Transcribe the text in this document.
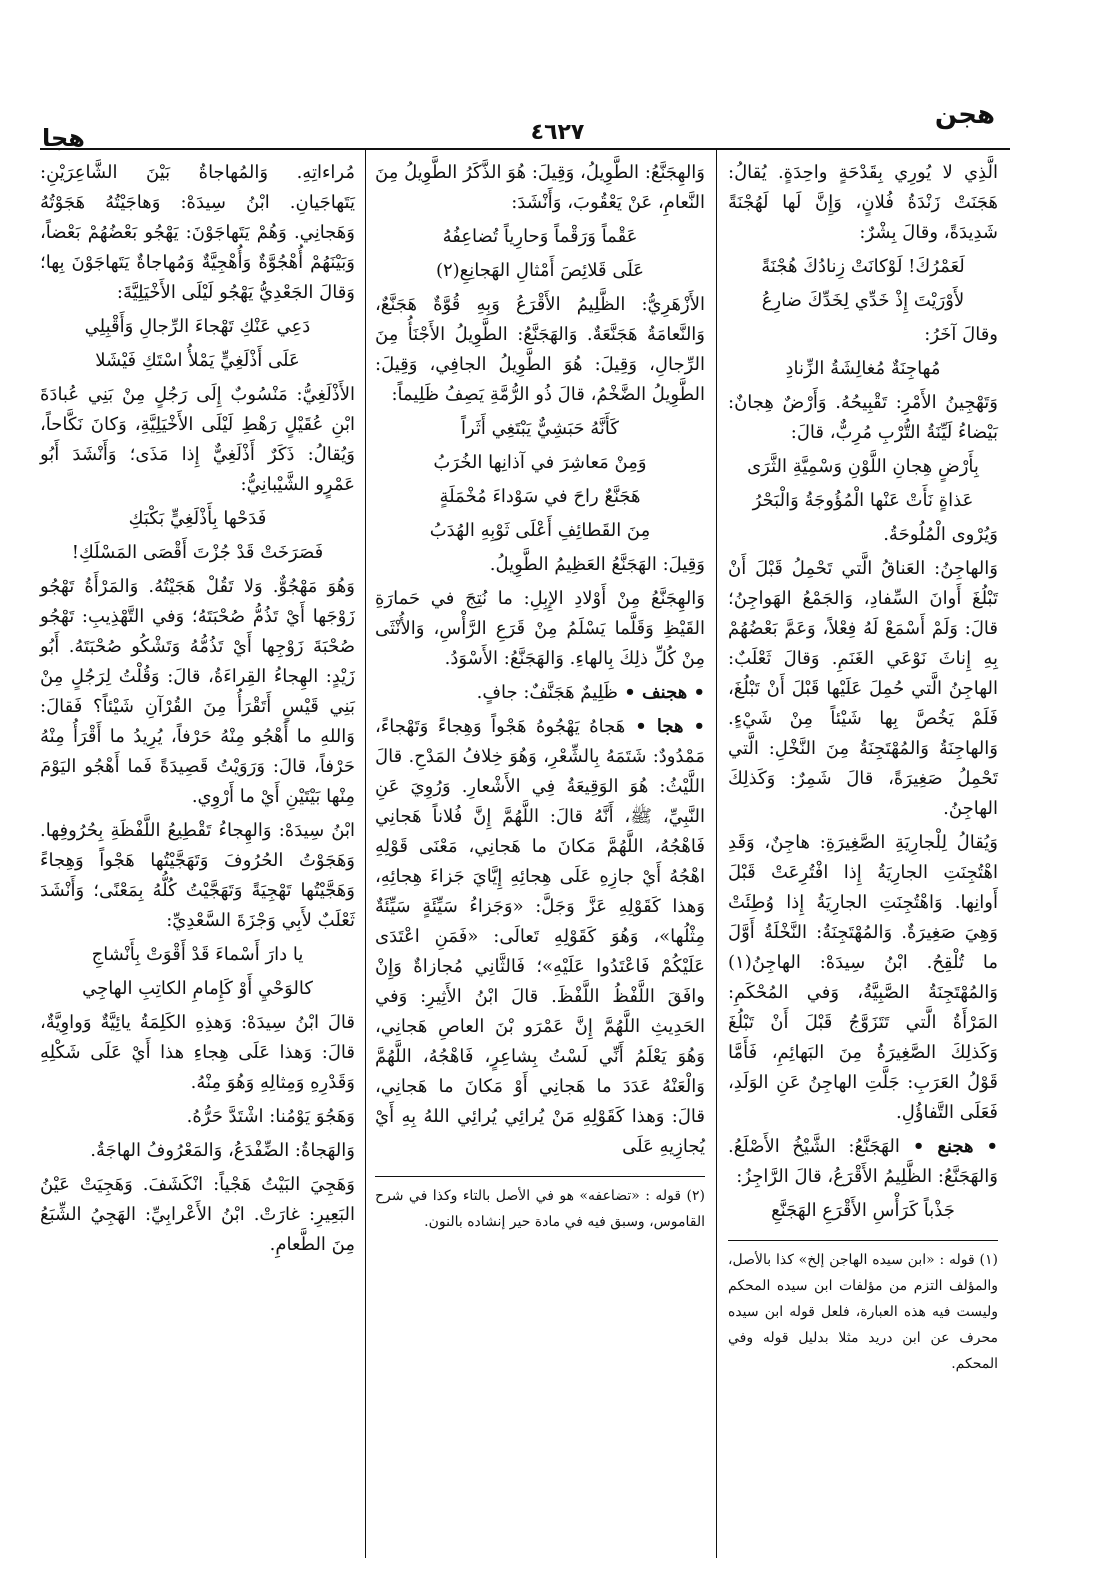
هجن
٤٦٢٧
هجا

الَّذِي لا يُورِي بِقَدْحَةٍ واحِدَةٍ. يُقالُ: هَجَنَتْ زَنْدَةُ فُلانٍ، وَإِنَّ لَها لَهُجْنَةً شَدِيدَةً، وقالَ بِشْرٌ:

لَعَمْرُكَ! لَوْكانَتْ زِنادُكَ هُجْنَةً

لأَوْرَيْتَ إِذْ خَدِّي لِخَدِّكَ ضارِعُ

وقالَ آخَرُ:

مُهاجِنَةٌ مُغالِشَةُ الزِّنادِ

وَتَهْجِينُ الأَمْرِ: تَقْبِيحُهُ. وَأَرْضٌ هِجانٌ: بَيْضاءُ لَيِّنَةُ التُّرْبِ مُرِبٌّ، قالَ:

بِأَرْضٍ هِجانِ اللَّوْنِ وَسْمِيَّةِ الثَّرَى

عَذاةٍ نَأَتْ عَنْها الْمُؤُوجَةُ وَالْبَحْرُ

وَيُرْوى الْمُلُوحَةُ.

وَالهاجِنُ: العَناقُ الَّتي تَحْمِلُ قَبْلَ أَنْ تَبْلُغَ أَوانَ السِّفادِ، وَالجَمْعُ الهَواجِنُ؛ قالَ: وَلَمْ أَسْمَعْ لَهُ فِعْلاً، وَعَمَّ بَعْضُهُمْ بِهِ إِناثَ نَوْعَي الغَنَمِ. وَقالَ ثَعْلَبٌ: الهاجِنُ الَّتي حُمِلَ عَلَيْها قَبْلَ أَنْ تَبْلُغَ، فَلَمْ يَخُصَّ بِها شَيْئاً مِنْ شَيْءٍ. وَالهاجِنَةُ وَالمُهْتَجِنَةُ مِنَ النَّخْلِ: الَّتي تَحْمِلُ صَغِيرَةً، قالَ شَمِرٌ: وَكَذلِكَ الهاجِنُ.

وَيُقالُ لِلْجارِيَةِ الصَّغِيرَةِ: هاجِنٌ، وَقَدِ اهْتُجِنَتِ الجارِيَةُ إِذا افْتُرِعَتْ قَبْلَ أَوانِها. وَاهْتُجِنَتِ الجارِيَةُ إِذا وُطِئَتْ وَهِيَ صَغِيرَةٌ. وَالمُهْتَجِنَةُ: النَّخْلَةُ أَوَّلَ ما تُلْقِحُ. ابْنُ سِيدَهْ: الهاجِنُ(١) وَالمُهْتَجِنَةُ الصَّبِيَّةُ، وَفي المُحْكَمِ: المَرْأَةُ الَّتي تَتَزَوَّجُ قَبْلَ أَنْ تَبْلُغَ وَكَذلِكَ الصَّغِيرَةُ مِنَ البَهائِمِ، فَأَمَّا قَوْلُ العَرَبِ: جَلَّتِ الهاجِنُ عَنِ الوَلَدِ، فَعَلَى التَّفاؤُلِ.

• هجنع • الهَجَنَّعُ: الشَّيْخُ الأَصْلَعُ. وَالهَجَنَّعُ: الظَّلِيمُ الأَقْرَعُ، قالَ الرَّاجِزُ:

جَذْباً كَرَأْسِ الأَقْرَعِ الهَجَنَّعِ

(١) قوله : «ابن سيده الهاجن إلخ» كذا بالأصل، والمؤلف التزم من مؤلفات ابن سيده المحكم وليست فيه هذه العبارة، فلعل قوله ابن سيده محرف عن ابن دريد مثلا بدليل قوله وفي المحكم.

وَالهِجَنَّعُ: الطَّوِيلُ، وَقِيلَ: هُوَ الذَّكَرُ الطَّوِيلُ مِنَ النَّعامِ، عَنْ يَعْقُوبَ، وَأَنْشَدَ:

عَقْماً وَرَقْماً وَحارِياً تُضاعِفُهُ

عَلَى قَلائِصَ أَمْثالِ الهَجانِعِ(٢)

الأَزْهَرِيُّ: الظَّلِيمُ الأَقْرَعُ وَبِهِ قُوَّةٌ هَجَنَّعٌ، وَالنَّعامَةُ هَجَنَّعَةٌ. وَالهَجَنَّعُ: الطَّوِيلُ الأَجْنَأُ مِنَ الرِّجالِ، وَقِيلَ: هُوَ الطَّوِيلُ الجافِي، وَقِيلَ: الطَّوِيلُ الضَّخْمُ، قالَ ذُو الرُّمَّةِ يَصِفُ ظَلِيماً:

كَأَنَّهُ حَبَشِيٌّ يَبْتَغِي أَثَراً

وَمِنْ مَعاشِرَ في آذانِها الخُرَبُ

هَجَنَّعٌ راحَ في سَوْداءَ مُخْمَلَةٍ

مِنَ القَطائِفِ أَعْلَى ثَوْبِهِ الهُدَبُ

وَقِيلَ: الهَجَنَّعُ العَظِيمُ الطَّوِيلُ.

وَالهِجَنَّعُ مِنْ أَوْلادِ الإِبِلِ: ما نُتِجَ في حَمارَةِ القَيْظِ وَقَلَّما يَسْلَمُ مِنْ قَرَعِ الرَّأْسِ، وَالأُنْثَى مِنْ كُلِّ ذلِكَ بِالهاءِ. وَالهَجَنَّعُ: الأَسْوَدُ.

• هجنف • ظَلِيمٌ هَجَنَّفٌ: جافٍ.

• هجا • هَجاهُ يَهْجُوهُ هَجْواً وَهِجاءً وَتَهْجاءً، مَمْدُودٌ: شَتَمَهُ بِالشِّعْرِ، وَهُوَ خِلافُ المَدْحِ. قالَ اللَّيْثُ: هُوَ الوَقِيعَةُ فِي الأَشْعارِ. وَرُوِيَ عَنِ النَّبِيِّ، ﷺ، أَنَّهُ قالَ: اللَّهُمَّ إِنَّ فُلاناً هَجانِي فَاهْجُهُ، اللَّهُمَّ مَكانَ ما هَجانِي، مَعْنَى قَوْلِهِ اهْجُهُ أَيْ جازِهِ عَلَى هِجائِهِ إِيَّايَ جَزاءَ هِجائِهِ، وَهذا كَقَوْلِهِ عَزَّ وَجَلَّ: «وَجَزاءُ سَيِّئَةٍ سَيِّئَةٌ مِثْلُها»، وَهُوَ كَقَوْلِهِ تَعالَى: «فَمَنِ اعْتَدَى عَلَيْكُمْ فَاعْتَدُوا عَلَيْهِ»؛ فَالثَّانِي مُجازاةٌ وَإِنْ وافَقَ اللَّفْظُ اللَّفْظَ. قالَ ابْنُ الأَثِيرِ: وَفي الحَدِيثِ اللَّهُمَّ إِنَّ عَمْرَو بْنَ العاصِ هَجانِي، وَهُوَ يَعْلَمُ أَنِّي لَسْتُ بِشاعِرٍ، فَاهْجُهُ، اللَّهُمَّ وَالْعَنْهُ عَدَدَ ما هَجانِي أَوْ مَكانَ ما هَجانِي، قالَ: وَهذا كَقَوْلِهِ مَنْ يُرائِي يُرائِي اللهُ بِهِ أَيْ يُجازِيهِ عَلَى

(٢) قوله : «تضاعفه» هو في الأصل بالتاء وكذا في شرح القاموس، وسبق فيه في مادة حير إنشاده بالنون.

مُراءاتِهِ. وَالمُهاجاةُ بَيْنَ الشَّاعِرَيْنِ: يَتَهاجَيانِ. ابْنُ سِيدَهْ: وَهاجَيْتُهُ هَجَوْتُهُ وَهَجانِي. وَهُمْ يَتَهاجَوْنَ: يَهْجُو بَعْضُهُمْ بَعْضاً، وَبَيْنَهُمْ أُهْجُوَّةٌ وَأُهْجِيَّةٌ وَمُهاجاةٌ يَتَهاجَوْنَ بِها؛ وَقالَ الجَعْدِيُّ يَهْجُو لَيْلَى الأَخْيَلِيَّةَ:

دَعِي عَنْكِ تَهْجاءَ الرِّجالِ وَأَقْبِلِي

عَلَى أَذْلَغِيٍّ يَمْلأُ اسْتَكِ فَيْشَلا

الأَذْلَغِيُّ: مَنْسُوبٌ إِلَى رَجُلٍ مِنْ بَنِي عُبادَةَ ابْنِ عُقَيْلٍ رَهْطِ لَيْلَى الأَخْيَلِيَّةِ، وَكانَ نَكَّاحاً، وَيُقالُ: ذَكَرٌ أَذْلَغِيٌّ إِذا مَذَى؛ وَأَنْشَدَ أَبُو عَمْرٍو الشَّيْبانِيُّ:

فَدَحْها بِأَذْلَغِيٍّ بَكْبَكِ

فَصَرَخَتْ قَدْ جُزْتَ أَقْصَى المَسْلَكِ!

وَهُوَ مَهْجُوٌّ. وَلا تَقُلْ هَجَيْتُهُ. وَالمَرْأَةُ تَهْجُو زَوْجَها أَيْ تَذُمُّ صُحْبَتَهُ؛ وَفي التَّهْذِيبِ: تَهْجُو صُحْبَةَ زَوْجِها أَيْ تَذُمُّهُ وَتَشْكُو صُحْبَتَهُ. أَبُو زَيْدٍ: الهِجاءُ القِراءَةُ، قالَ: وَقُلْتُ لِرَجُلٍ مِنْ بَنِي قَيْسٍ أَتَقْرَأُ مِنَ القُرْآنِ شَيْئاً؟ فَقالَ: وَاللهِ ما أَهْجُو مِنْهُ حَرْفاً، يُرِيدُ ما أَقْرَأُ مِنْهُ حَرْفاً، قالَ: وَرَوَيْتُ قَصِيدَةً فَما أَهْجُو اليَوْمَ مِنْها بَيْتَيْنِ أَيْ ما أَرْوِي.

ابْنُ سِيدَهْ: وَالهِجاءُ تَقْطِيعُ اللَّفْظَةِ بِحُرُوفِها. وَهَجَوْتُ الحُرُوفَ وَتَهَجَّيْتُها هَجْواً وَهِجاءً وَهَجَّيْتُها تَهْجِيَةً وَتَهَجَّيْتُ كُلُّهُ بِمَعْنًى؛ وَأَنْشَدَ ثَعْلَبٌ لأَبِي وَجْزَةَ السَّعْدِيِّ:

يا دارَ أَسْماءَ قَدْ أَقْوَتْ بِأَنْشاجِ

كالوَحْيِ أَوْ كَإِمامِ الكاتِبِ الهاجِي

قالَ ابْنُ سِيدَهْ: وَهذِهِ الكَلِمَةُ يائِيَّةٌ وَواوِيَّةٌ، قالَ: وَهذا عَلَى هِجاءِ هذا أَيْ عَلَى شَكْلِهِ وَقَدْرِهِ وَمِثالِهِ وَهُوَ مِنْهُ.

وَهَجُوَ يَوْمُنا: اشْتَدَّ حَرُّهُ.

وَالهَجاةُ: الضِّفْدَعُ، وَالمَعْرُوفُ الهاجَةُ.

وَهَجِيَ البَيْتُ هَجْياً: انْكَشَفَ. وَهَجِيَتْ عَيْنُ البَعِيرِ: غارَتْ. ابْنُ الأَعْرابِيِّ: الهَجِيُ الشِّبَعُ مِنَ الطَّعامِ.
